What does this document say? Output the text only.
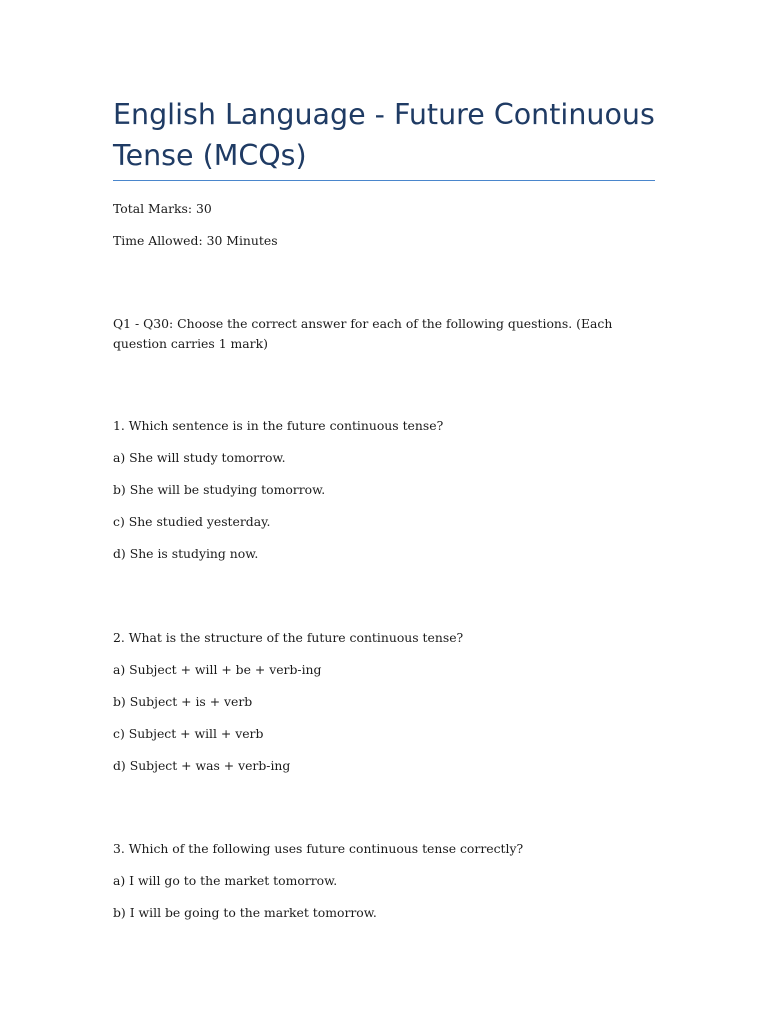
English Language - Future Continuous Tense (MCQs)

Total Marks: 30

Time Allowed: 30 Minutes

Q1 - Q30: Choose the correct answer for each of the following questions. (Each question carries 1 mark)

1. Which sentence is in the future continuous tense?

a) She will study tomorrow.

b) She will be studying tomorrow.

c) She studied yesterday.

d) She is studying now.

2. What is the structure of the future continuous tense?

a) Subject + will + be + verb-ing

b) Subject + is + verb

c) Subject + will + verb

d) Subject + was + verb-ing

3. Which of the following uses future continuous tense correctly?

a) I will go to the market tomorrow.

b) I will be going to the market tomorrow.
